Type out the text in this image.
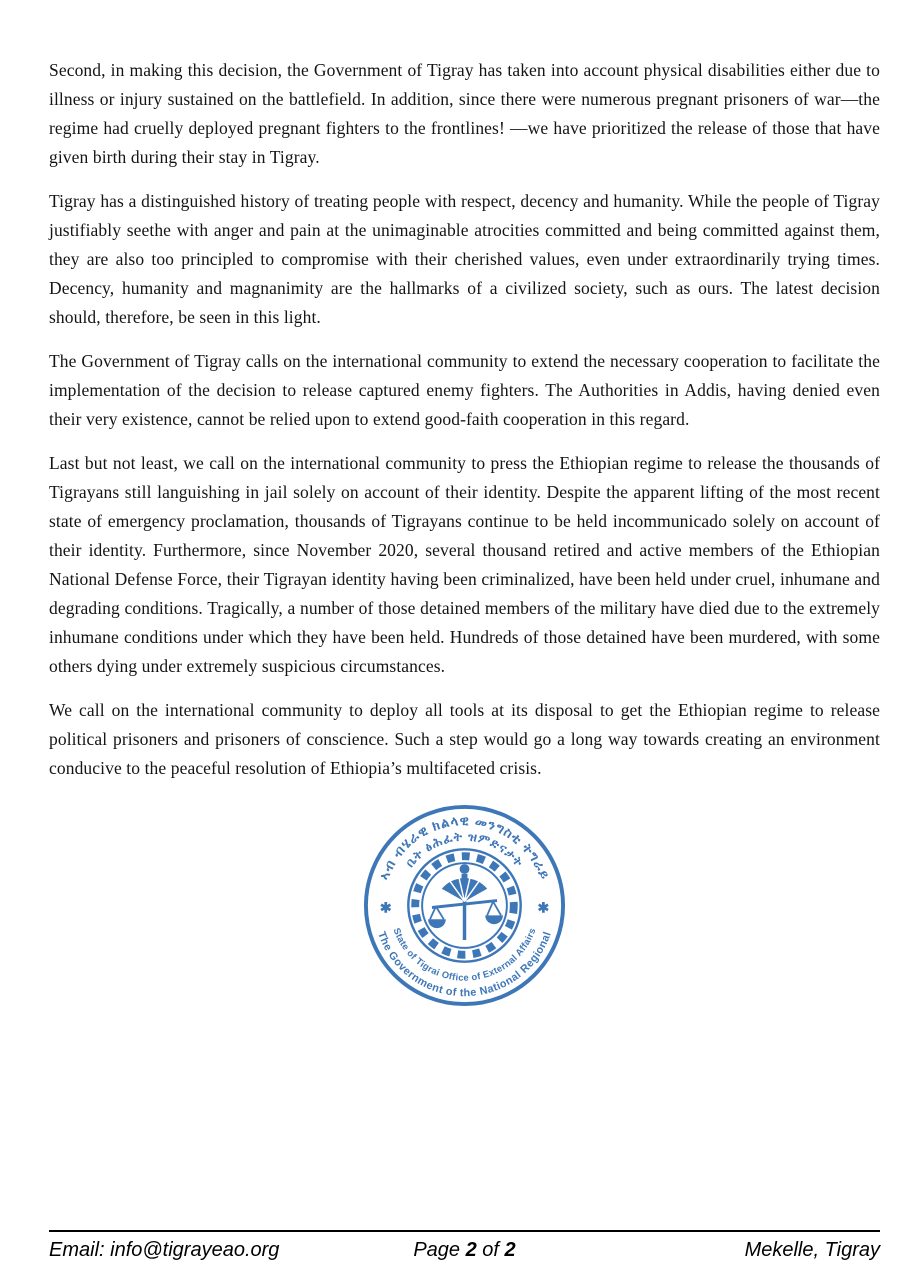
Second, in making this decision, the Government of Tigray has taken into account physical disabilities either due to illness or injury sustained on the battlefield. In addition, since there were numerous pregnant prisoners of war—the regime had cruelly deployed pregnant fighters to the frontlines! —we have prioritized the release of those that have given birth during their stay in Tigray.

Tigray has a distinguished history of treating people with respect, decency and humanity. While the people of Tigray justifiably seethe with anger and pain at the unimaginable atrocities committed and being committed against them, they are also too principled to compromise with their cherished values, even under extraordinarily trying times. Decency, humanity and magnanimity are the hallmarks of a civilized society, such as ours. The latest decision should, therefore, be seen in this light.

The Government of Tigray calls on the international community to extend the necessary cooperation to facilitate the implementation of the decision to release captured enemy fighters. The Authorities in Addis, having denied even their very existence, cannot be relied upon to extend good-faith cooperation in this regard.

Last but not least, we call on the international community to press the Ethiopian regime to release the thousands of Tigrayans still languishing in jail solely on account of their identity. Despite the apparent lifting of the most recent state of emergency proclamation, thousands of Tigrayans continue to be held incommunicado solely on account of their identity. Furthermore, since November 2020, several thousand retired and active members of the Ethiopian National Defense Force, their Tigrayan identity having been criminalized, have been held under cruel, inhumane and degrading conditions. Tragically, a number of those detained members of the military have died due to the extremely inhumane conditions under which they have been held. Hundreds of those detained have been murdered, with some others dying under extremely suspicious circumstances.

We call on the international community to deploy all tools at its disposal to get the Ethiopian regime to release political prisoners and prisoners of conscience. Such a step would go a long way towards creating an environment conducive to the peaceful resolution of Ethiopia’s multifaceted crisis.

ኣብ ብሄራዊ ክልላዊ መንግስቲ ትግራይ
ቤት ፅሕፈት ዝምድናታት
The Government of the National Regional
State of Tigrai Office of External Affairs
✱	✱
Email: info@tigrayeao.org	Page 2 of 2	Mekelle, Tigray
